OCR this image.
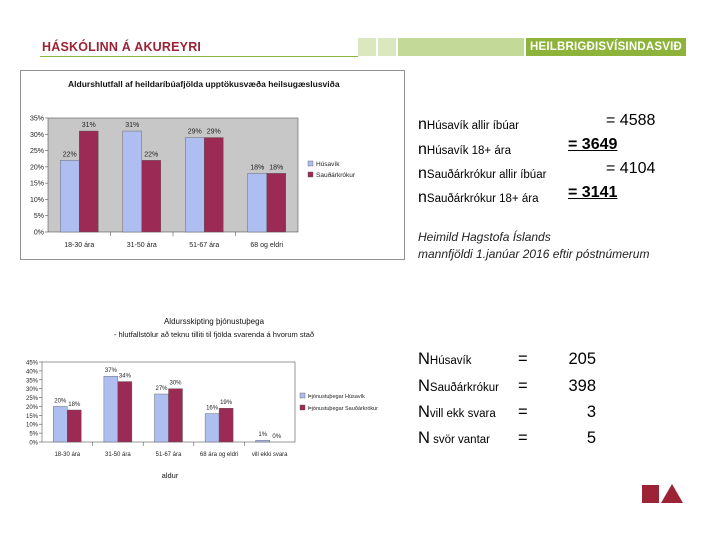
HÁSKÓLINN Á AKUREYRI	HEILBRIGÐISVÍSINDASVIÐ
Aldurshlutfall af heildaríbúafjölda upptökusvæða heilsugæslusviða
0%
5%
10%
15%
20%
25%
30%
35%
22%
31%
18-30 ára
31%
22%
31-50 ára
29% 29%
51-67 ára
18% 18%
68 og eldri
Húsavík
Sauðárkrókur
Aldursskipting þjónustuþega
- hlutfallstölur að teknu tilliti til fjölda svarenda á hvorum stað
0%
5%
10%
15%
20%
25%
30%
35%
40%
45%
20%
18%
18-30 ára
37%
34%
31-50 ára
27%
30%
51-67 ára
16%
19%
68 ára og eldri
1% 0%
vill ekki svara
Þjónustuþegar Húsavík
Þjónustuþegar Sauðárkrókur
aldur
nHúsavík allir íbúar	= 4588
nHúsavík 18+ ára	= 3649
nSauðárkrókur allir íbúar	= 4104
nSauðárkrókur 18+ ára = 3141
Heimild Hagstofa Íslands
mannfjöldi 1.janúar 2016 eftir póstnúmerum
NHúsavík	=	205
NSauðárkrókur =	398
Nvill ekk svara =	3
N svör vantar =	5
